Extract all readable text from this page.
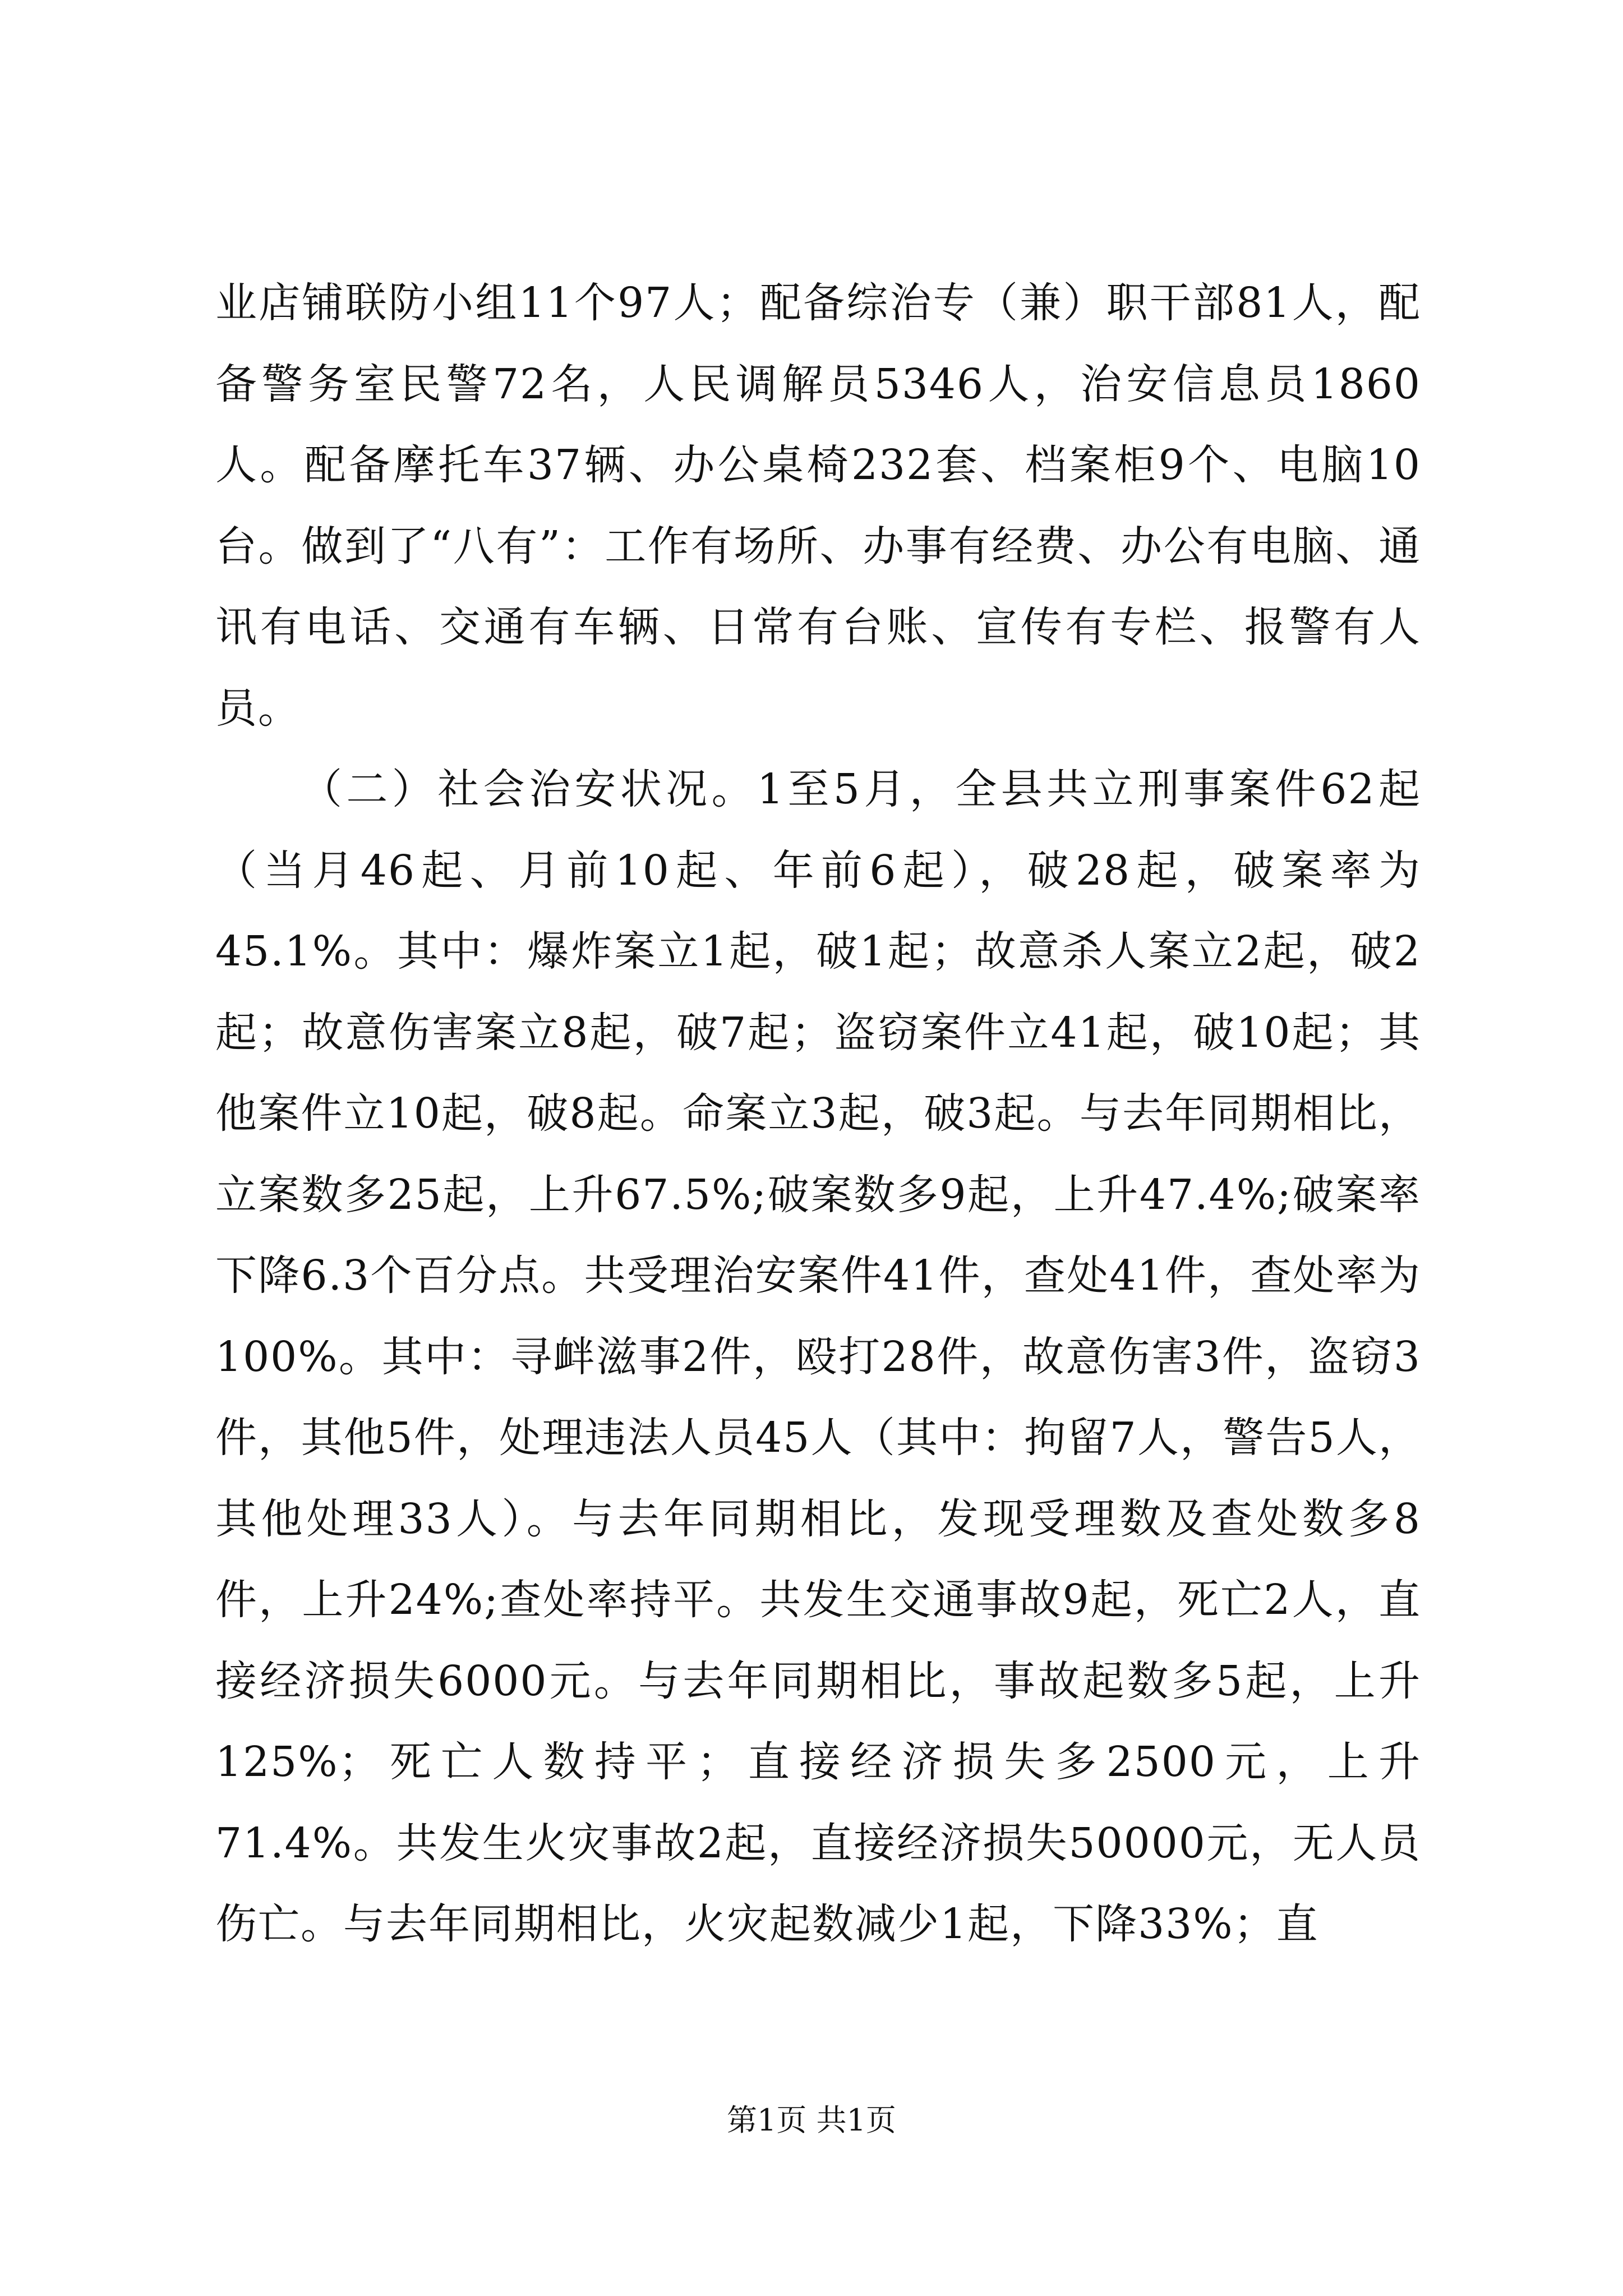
业店铺联防小组11个97人；配备综治专（兼）职干部81人，配备警务室民警72名，人民调解员5346人，治安信息员1860人。配备摩托车37辆、办公桌椅232套、档案柜9个、电脑10台。做到了“八有”：工作有场所、办事有经费、办公有电脑、通讯有电话、交通有车辆、日常有台账、宣传有专栏、报警有人员。

（二）社会治安状况。1至5月，全县共立刑事案件62起（当月46起、月前10起、年前6起），破28起，破案率为45.1%。其中：爆炸案立1起，破1起；故意杀人案立2起，破2起；故意伤害案立8起，破7起；盗窃案件立41起，破10起；其他案件立10起，破8起。命案立3起，破3起。与去年同期相比，立案数多25起，上升67.5%;破案数多9起，上升47.4%;破案率下降6.3个百分点。共受理治安案件41件，查处41件，查处率为100%。其中：寻衅滋事2件，殴打28件，故意伤害3件，盗窃3件，其他5件，处理违法人员45人（其中：拘留7人，警告5人，其他处理33人）。与去年同期相比，发现受理数及查处数多8件，上升24%;查处率持平。共发生交通事故9起，死亡2人，直接经济损失6000元。与去年同期相比，事故起数多5起，上升125%；死亡人数持平；直接经济损失多2500元，上升71.4%。共发生火灾事故2起，直接经济损失50000元，无人员伤亡。与去年同期相比，火灾起数减少1起，下降33%；直

第1页 共1页
